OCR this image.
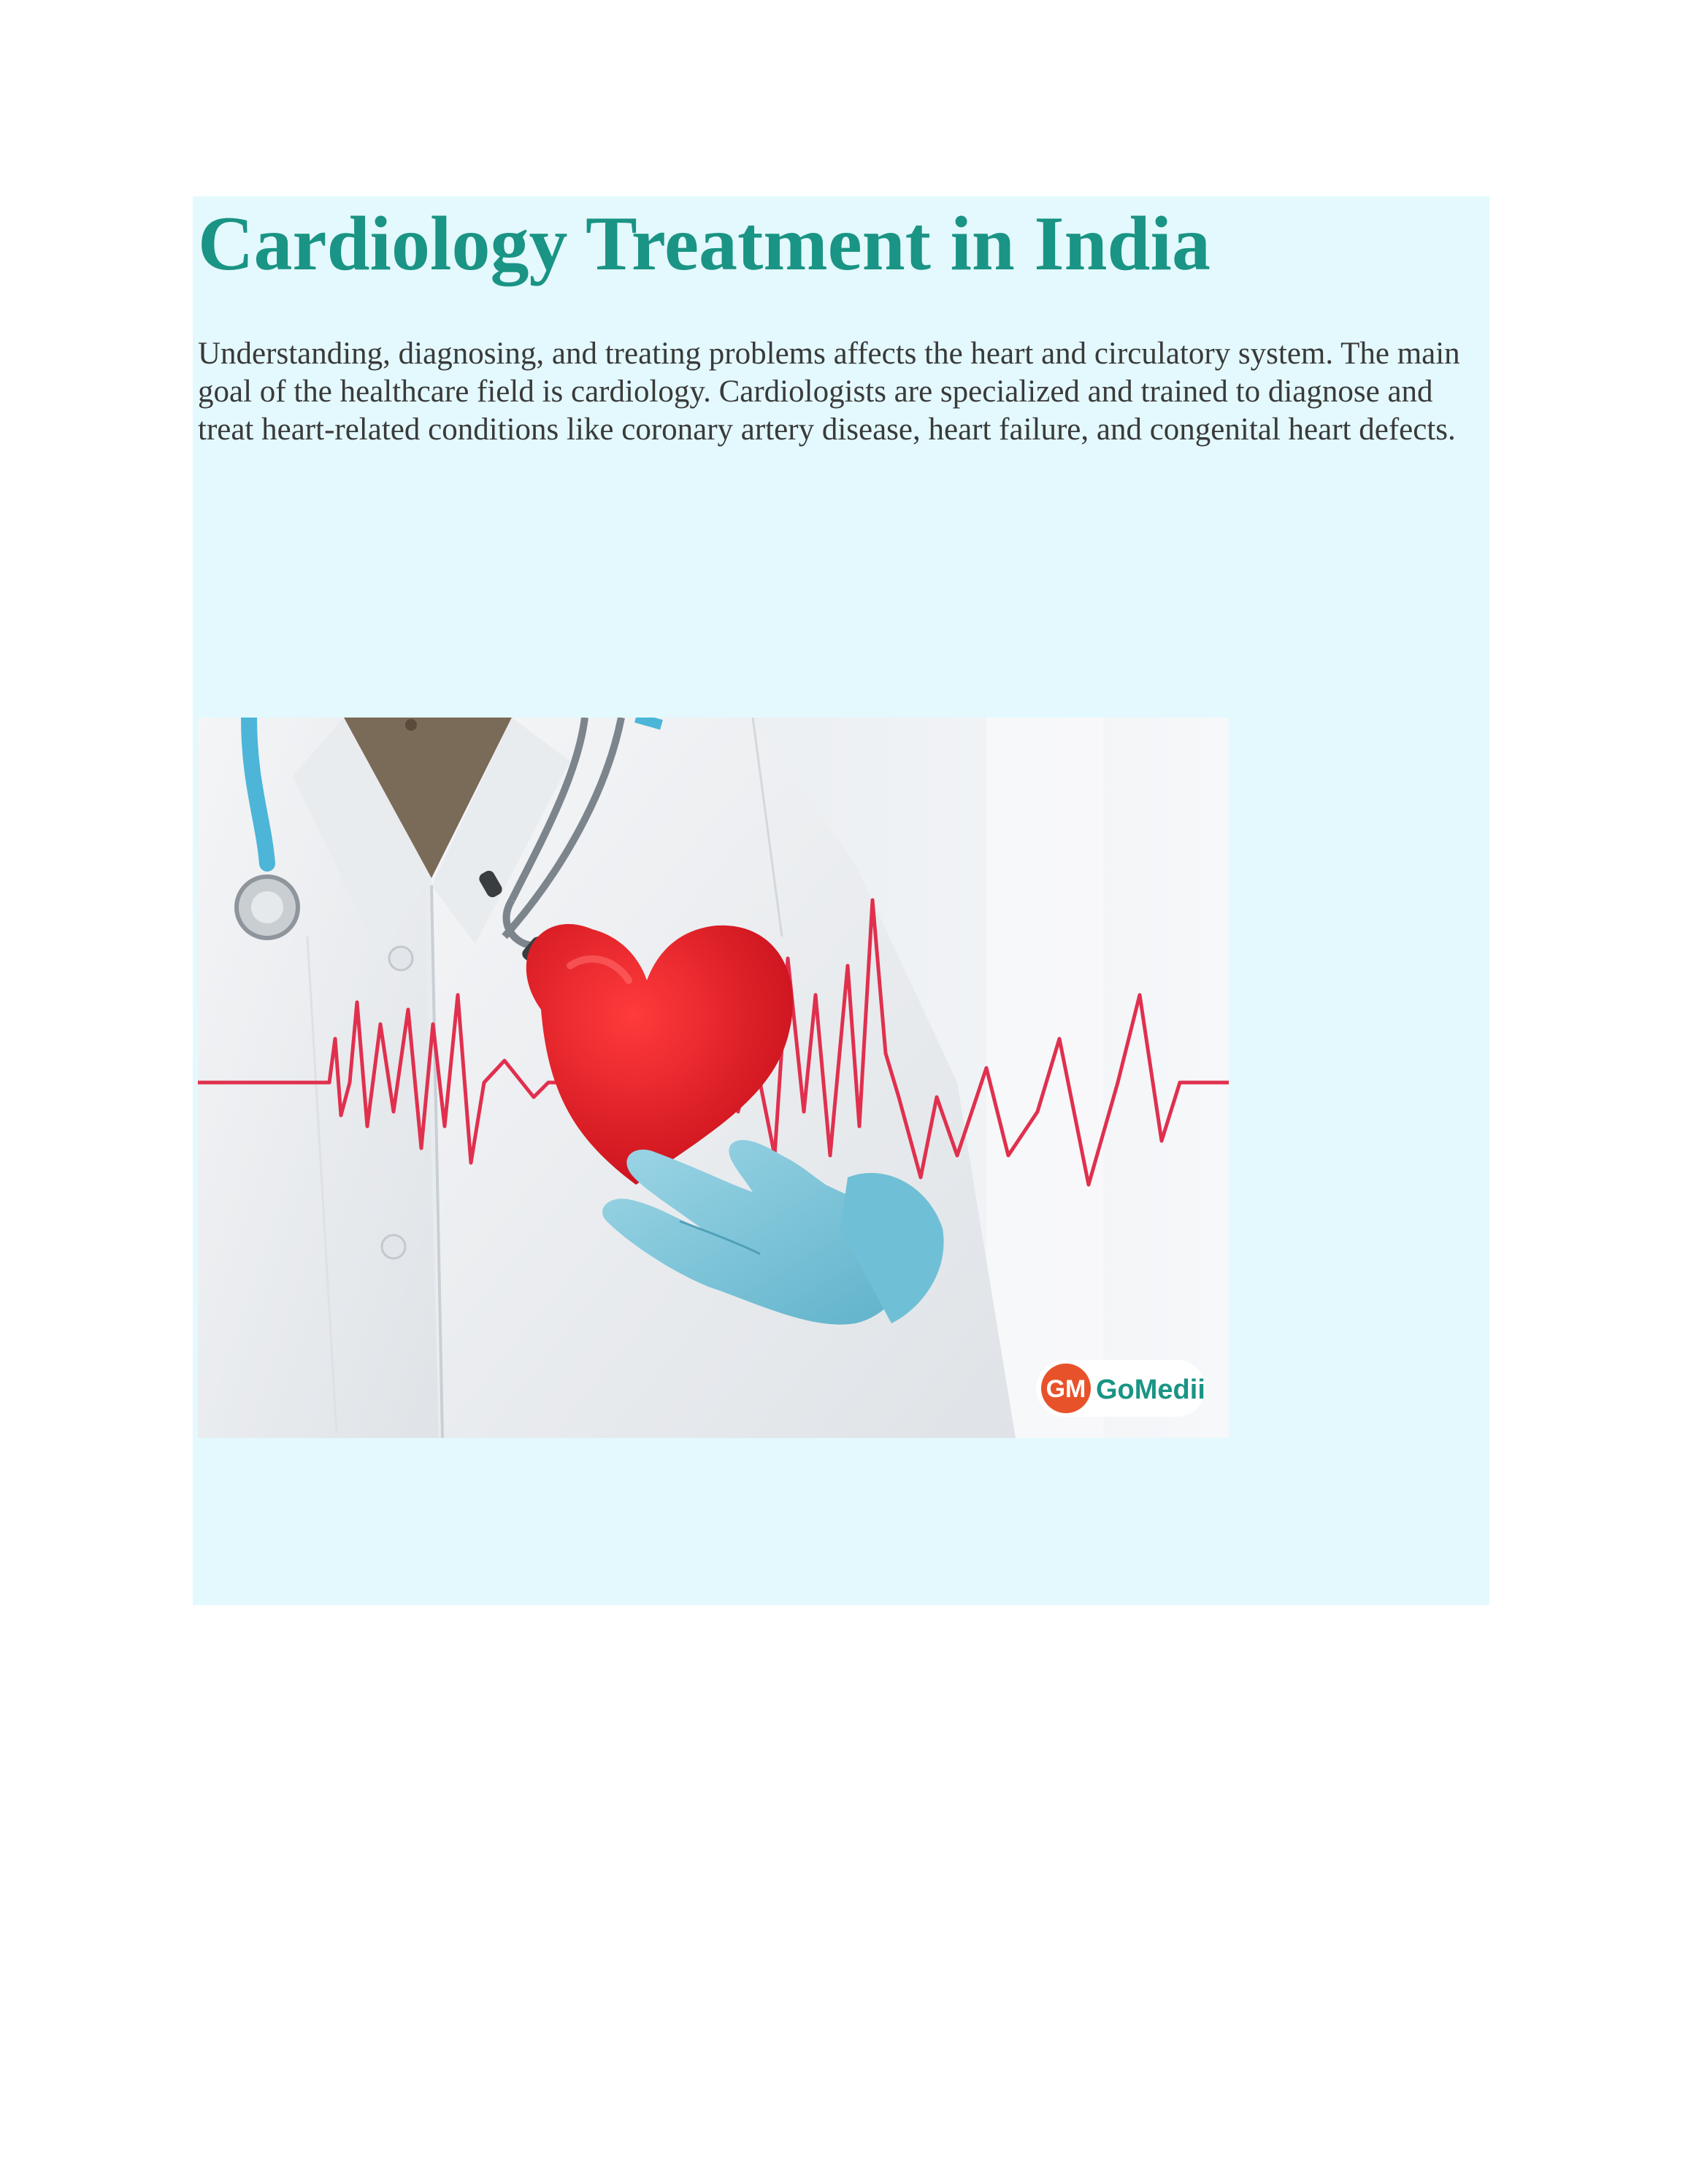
Cardiology Treatment in India

Understanding, diagnosing, and treating problems affects the heart and circulatory system. The main goal of the healthcare field is cardiology. Cardiologists are specialized and trained to diagnose and treat heart-related conditions like coronary artery disease, heart failure, and congenital heart defects.

GM GoMedii
